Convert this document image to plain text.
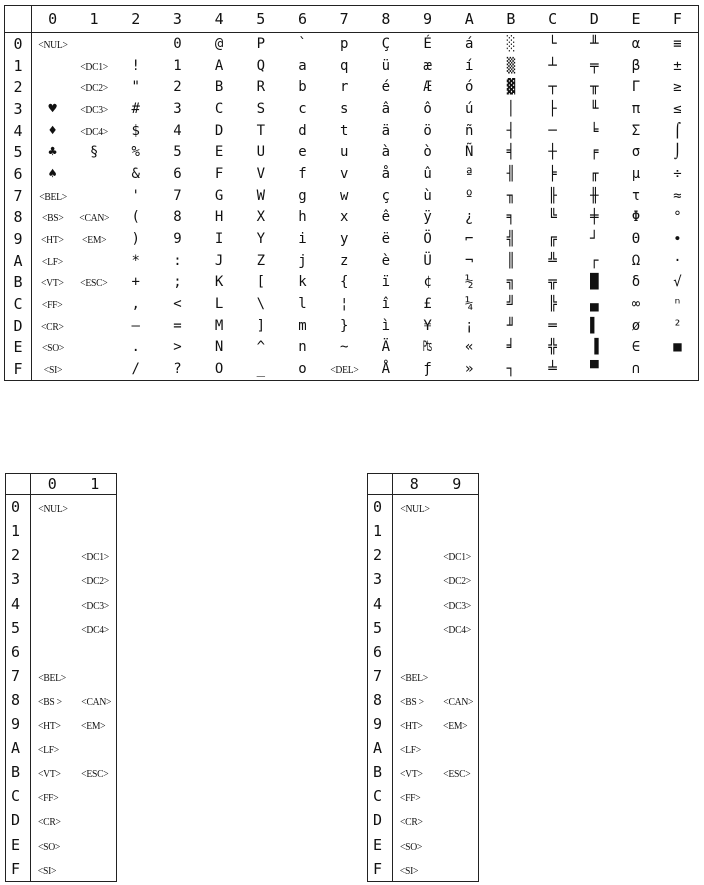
	0	1	2	3	4	5	6	7	8	9	A	B	C	D	E	F
0	<NUL>			0	@	P	`	p	Ç	É	á	░	└	╨	α	≡
1		<DC1>	!	1	A	Q	a	q	ü	æ	í	▒	┴	╤	β	±
2		<DC2>	"	2	B	R	b	r	é	Æ	ó	▓	┬	╥	Γ	≥
3	♥	<DC3>	#	3	C	S	c	s	â	ô	ú	│	├	╙	π	≤
4	♦	<DC4>	$	4	D	T	d	t	ä	ö	ñ	┤	─	╘	Σ	⌠
5	♣	§	%	5	E	U	e	u	à	ò	Ñ	╡	┼	╒	σ	⌡
6	♠		&	6	F	V	f	v	å	û	ª	╢	╞	╓	µ	÷
7	<BEL>		'	7	G	W	g	w	ç	ù	º	╖	╟	╫	τ	≈
8	<BS>	<CAN>	(	8	H	X	h	x	ê	ÿ	¿	╕	╚	╪	Φ	°
9	<HT>	<EM>	)	9	I	Y	i	y	ë	Ö	⌐	╣	╔	┘	Θ	∙
A	<LF>		*	:	J	Z	j	z	è	Ü	¬	║	╩	┌	Ω	·
B	<VT>	<ESC>	+	;	K	[	k	{	ï	¢	½	╗	╦	█	δ	√
C	<FF>		,	<	L	\	l	¦	î	£	¼	╝	╠	▄	∞	ⁿ
D	<CR>		—	=	M	]	m	}	ì	¥	¡	╜	═	▌	ø	²
E	<SO>		.	>	N	^	n	~	Ä	₧	«	╛	╬	▐	∈	■
F	<SI>		/	?	O	_	o	<DEL>	Å	ƒ	»	┐	╧	▀	∩	
	0	1
0	<NUL>	
1		
2		<DC1>
3		<DC2>
4		<DC3>
5		<DC4>
6		
7	<BEL>	
8	<BS >	<CAN>
9	<HT>	<EM>
A	<LF>	
B	<VT>	<ESC>
C	<FF>	
D	<CR>	
E	<SO>	
F	<SI>	
	8	9
0	<NUL>	
1		
2		<DC1>
3		<DC2>
4		<DC3>
5		<DC4>
6		
7	<BEL>	
8	<BS >	<CAN>
9	<HT>	<EM>
A	<LF>	
B	<VT>	<ESC>
C	<FF>	
D	<CR>	
E	<SO>	
F	<SI>	
